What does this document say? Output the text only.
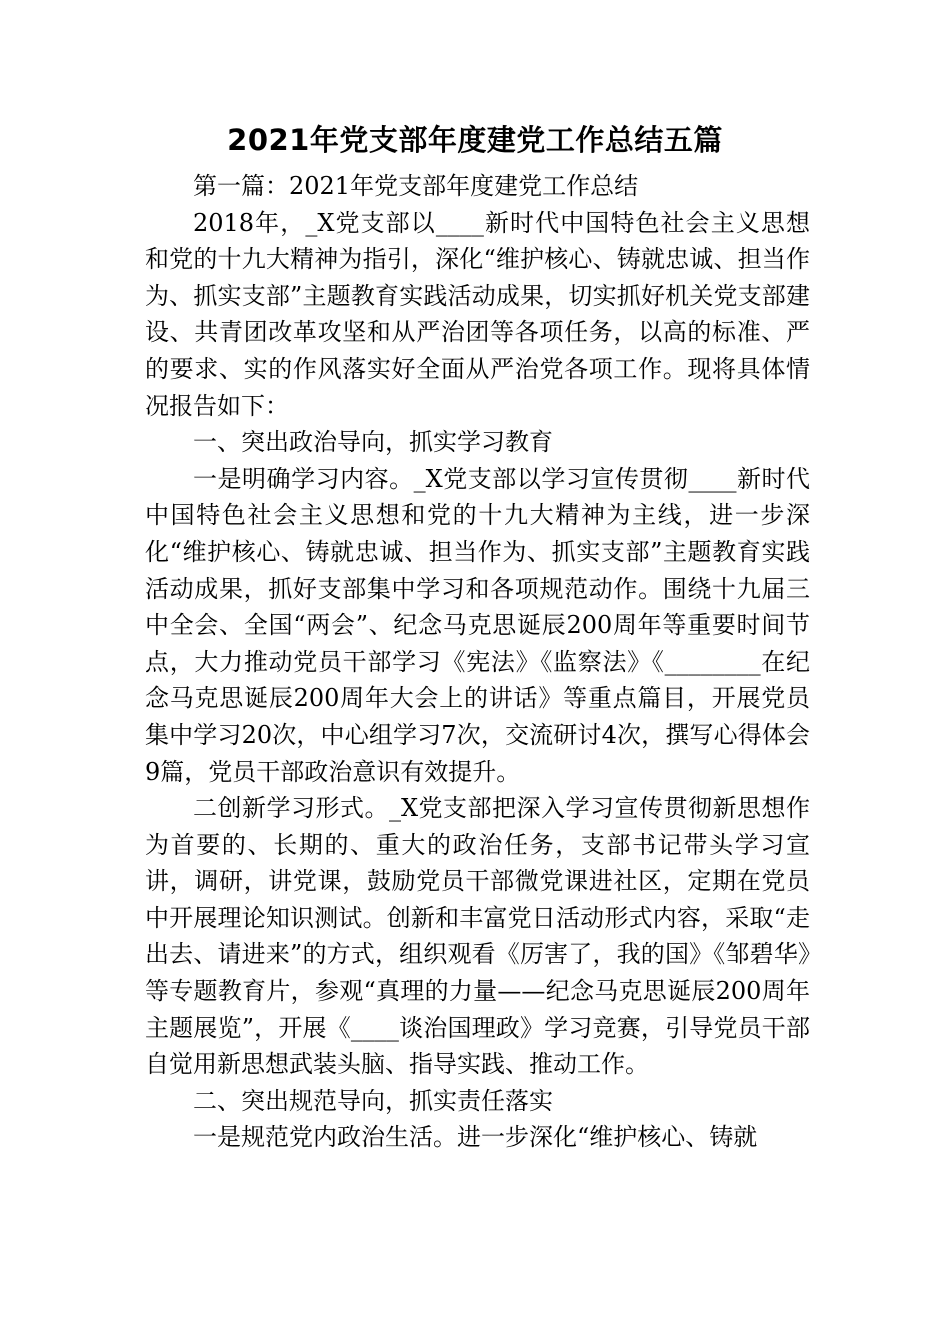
2021年党支部年度建党工作总结五篇

第一篇：2021年党支部年度建党工作总结

2018年，_X党支部以____新时代中国特色社会主义思想和党的十九大精神为指引，深化“维护核心、铸就忠诚、担当作为、抓实支部”主题教育实践活动成果，切实抓好机关党支部建设、共青团改革攻坚和从严治团等各项任务，以高的标准、严的要求、实的作风落实好全面从严治党各项工作。现将具体情况报告如下：

一、突出政治导向，抓实学习教育

一是明确学习内容。_X党支部以学习宣传贯彻____新时代中国特色社会主义思想和党的十九大精神为主线，进一步深化“维护核心、铸就忠诚、担当作为、抓实支部”主题教育实践活动成果，抓好支部集中学习和各项规范动作。围绕十九届三中全会、全国“两会”、纪念马克思诞辰200周年等重要时间节点，大力推动党员干部学习《宪法》《监察法》《________在纪念马克思诞辰200周年大会上的讲话》等重点篇目，开展党员集中学习20次，中心组学习7次，交流研讨4次，撰写心得体会9篇，党员干部政治意识有效提升。

二创新学习形式。_X党支部把深入学习宣传贯彻新思想作为首要的、长期的、重大的政治任务，支部书记带头学习宣讲，调研，讲党课，鼓励党员干部微党课进社区，定期在党员中开展理论知识测试。创新和丰富党日活动形式内容，采取“走出去、请进来”的方式，组织观看《厉害了，我的国》《邹碧华》等专题教育片，参观“真理的力量——纪念马克思诞辰200周年主题展览”，开展《____谈治国理政》学习竞赛，引导党员干部自觉用新思想武装头脑、指导实践、推动工作。

二、突出规范导向，抓实责任落实

一是规范党内政治生活。进一步深化“维护核心、铸就
